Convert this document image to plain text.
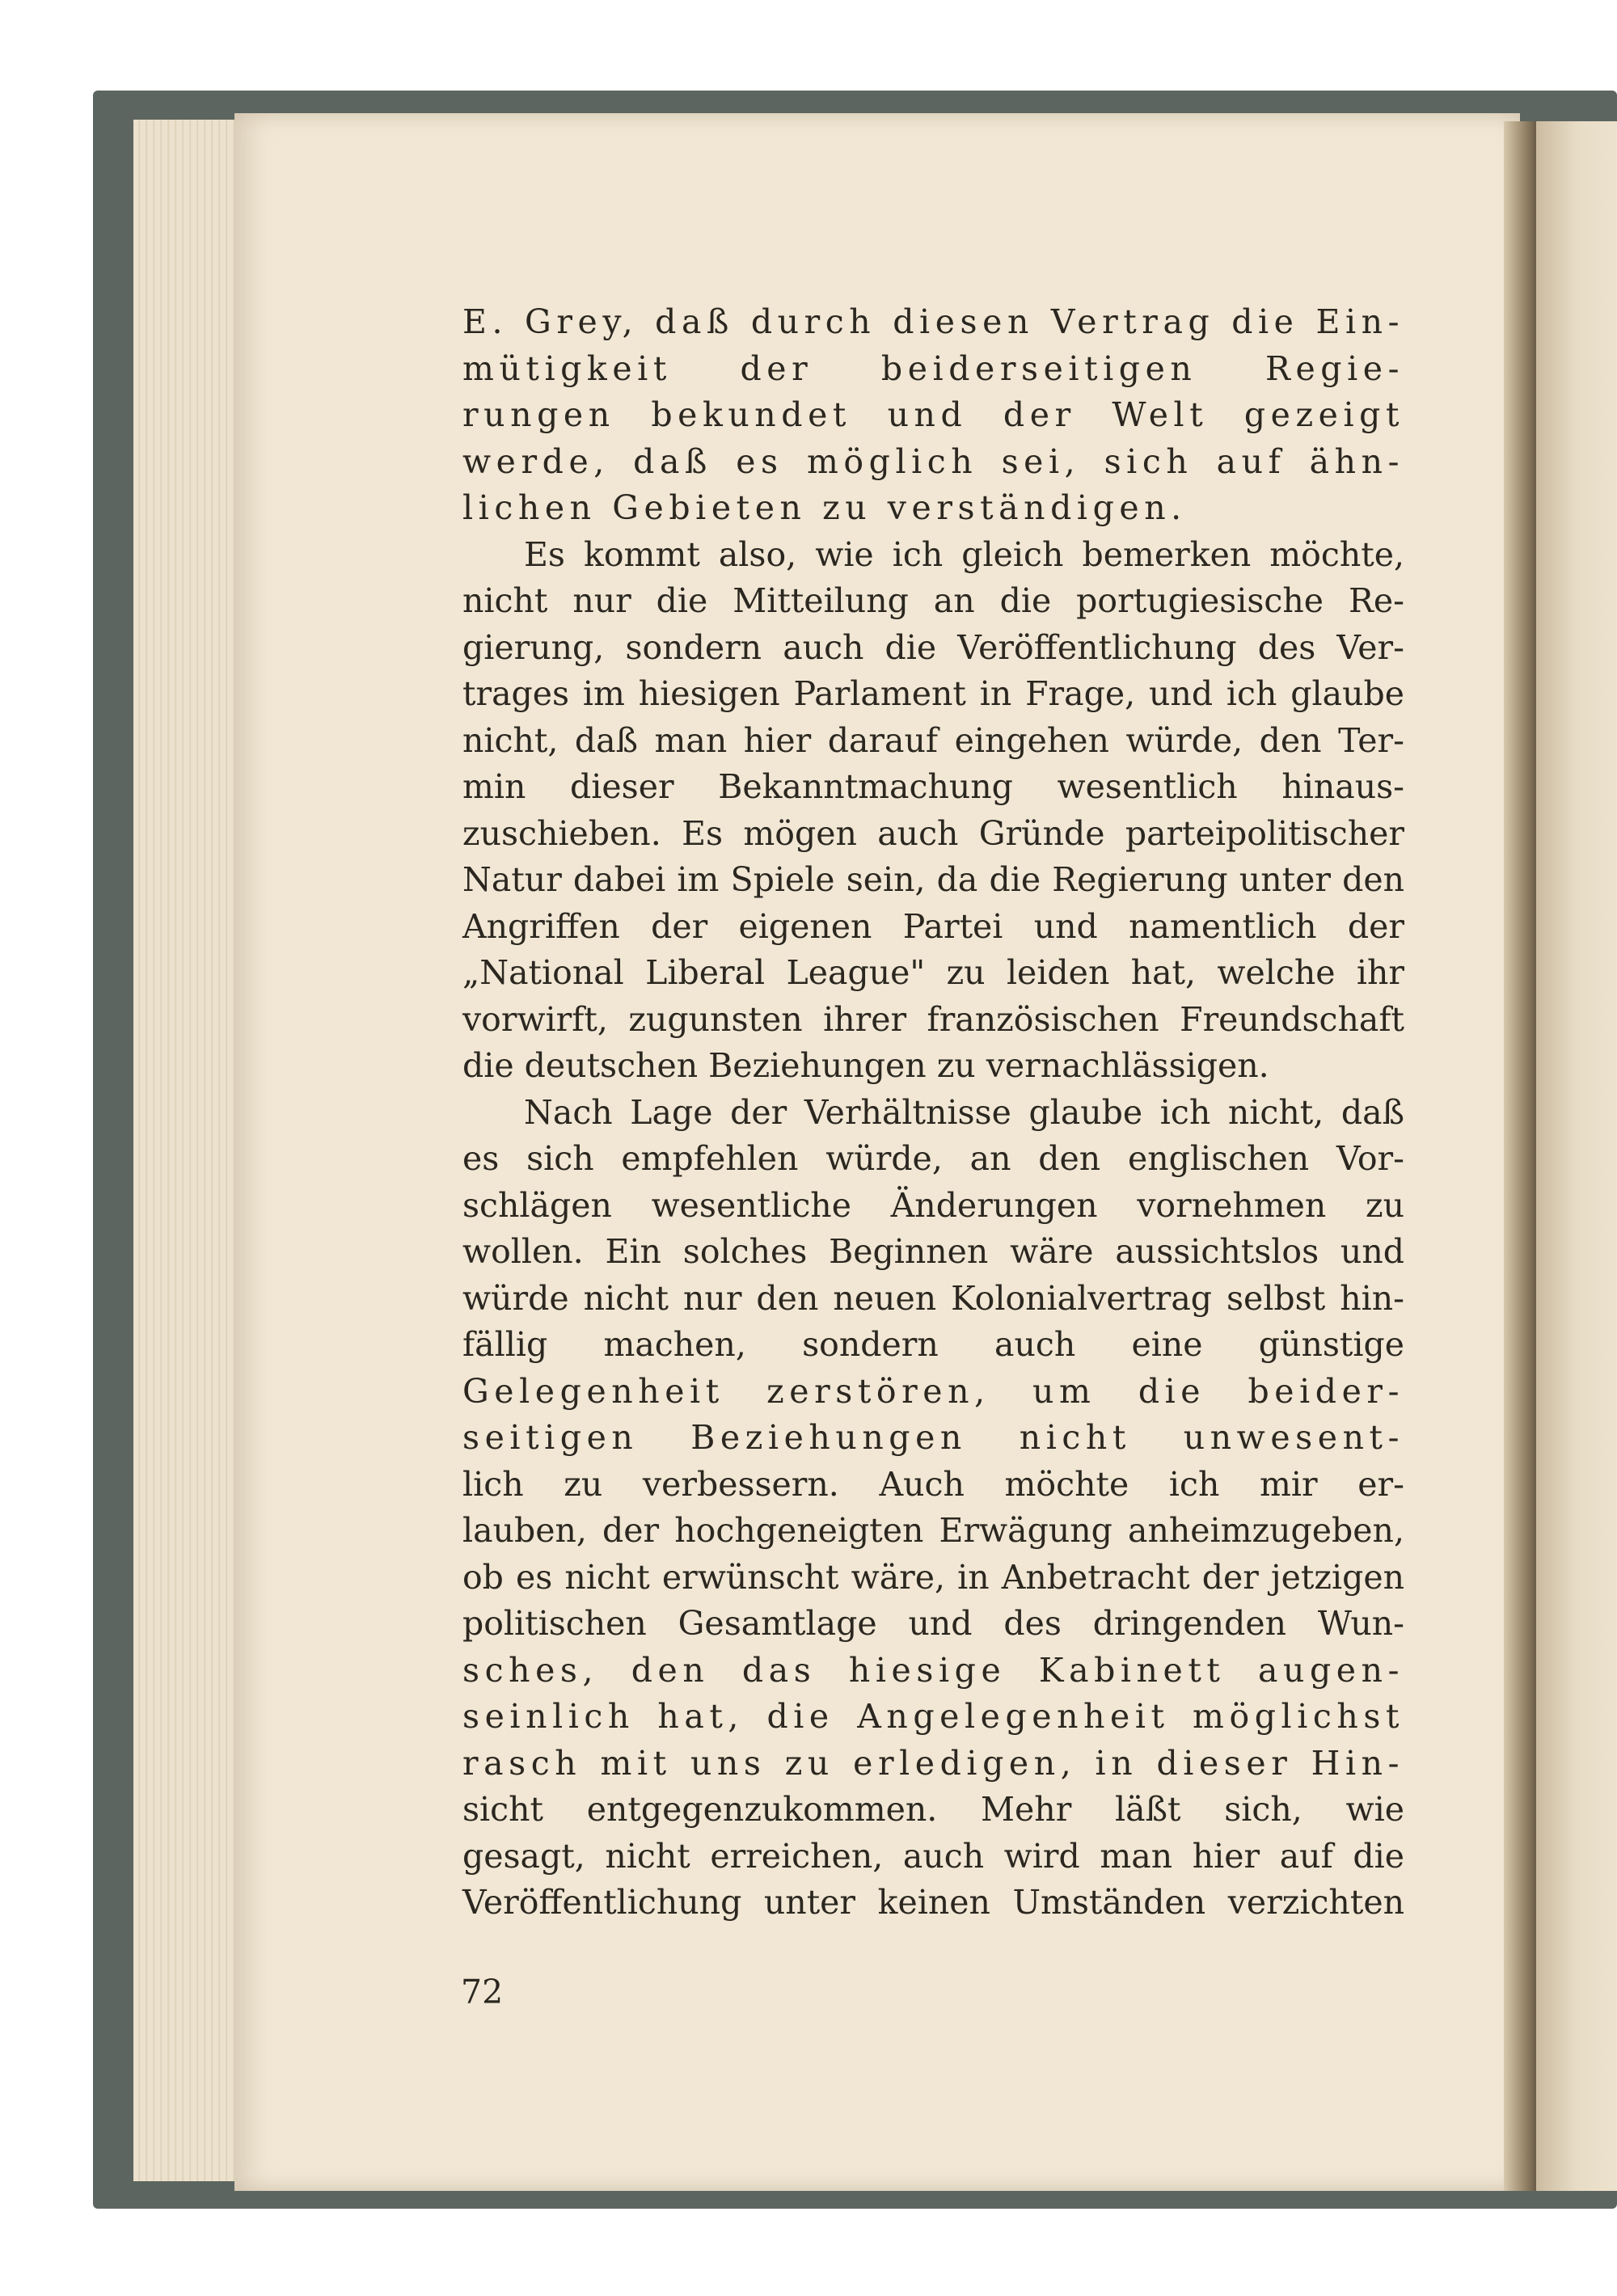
E. Grey, daß durch diesen Vertrag die Ein-
mütigkeit der beiderseitigen Regie-
rungen bekundet und der Welt gezeigt
werde, daß es möglich sei, sich auf ähn-
lichen Gebieten zu verständigen.
Es kommt also, wie ich gleich bemerken möchte,
nicht nur die Mitteilung an die portugiesische Re-
gierung, sondern auch die Veröffentlichung des Ver-
trages im hiesigen Parlament in Frage, und ich glaube
nicht, daß man hier darauf eingehen würde, den Ter-
min dieser Bekanntmachung wesentlich hinaus-
zuschieben. Es mögen auch Gründe parteipolitischer
Natur dabei im Spiele sein, da die Regierung unter den
Angriffen der eigenen Partei und namentlich der
„National Liberal League" zu leiden hat, welche ihr
vorwirft, zugunsten ihrer französischen Freundschaft
die deutschen Beziehungen zu vernachlässigen.
Nach Lage der Verhältnisse glaube ich nicht, daß
es sich empfehlen würde, an den englischen Vor-
schlägen wesentliche Änderungen vornehmen zu
wollen. Ein solches Beginnen wäre aussichtslos und
würde nicht nur den neuen Kolonialvertrag selbst hin-
fällig machen, sondern auch eine günstige
Gelegenheit zerstören, um die beider-
seitigen Beziehungen nicht unwesent-
lich zu verbessern. Auch möchte ich mir er-
lauben, der hochgeneigten Erwägung anheimzugeben,
ob es nicht erwünscht wäre, in Anbetracht der jetzigen
politischen Gesamtlage und des dringenden Wun-
sches, den das hiesige Kabinett augen-
seinlich hat, die Angelegenheit möglichst
rasch mit uns zu erledigen, in dieser Hin-
sicht entgegenzukommen. Mehr läßt sich, wie
gesagt, nicht erreichen, auch wird man hier auf die
Veröffentlichung unter keinen Umständen verzichten
72
